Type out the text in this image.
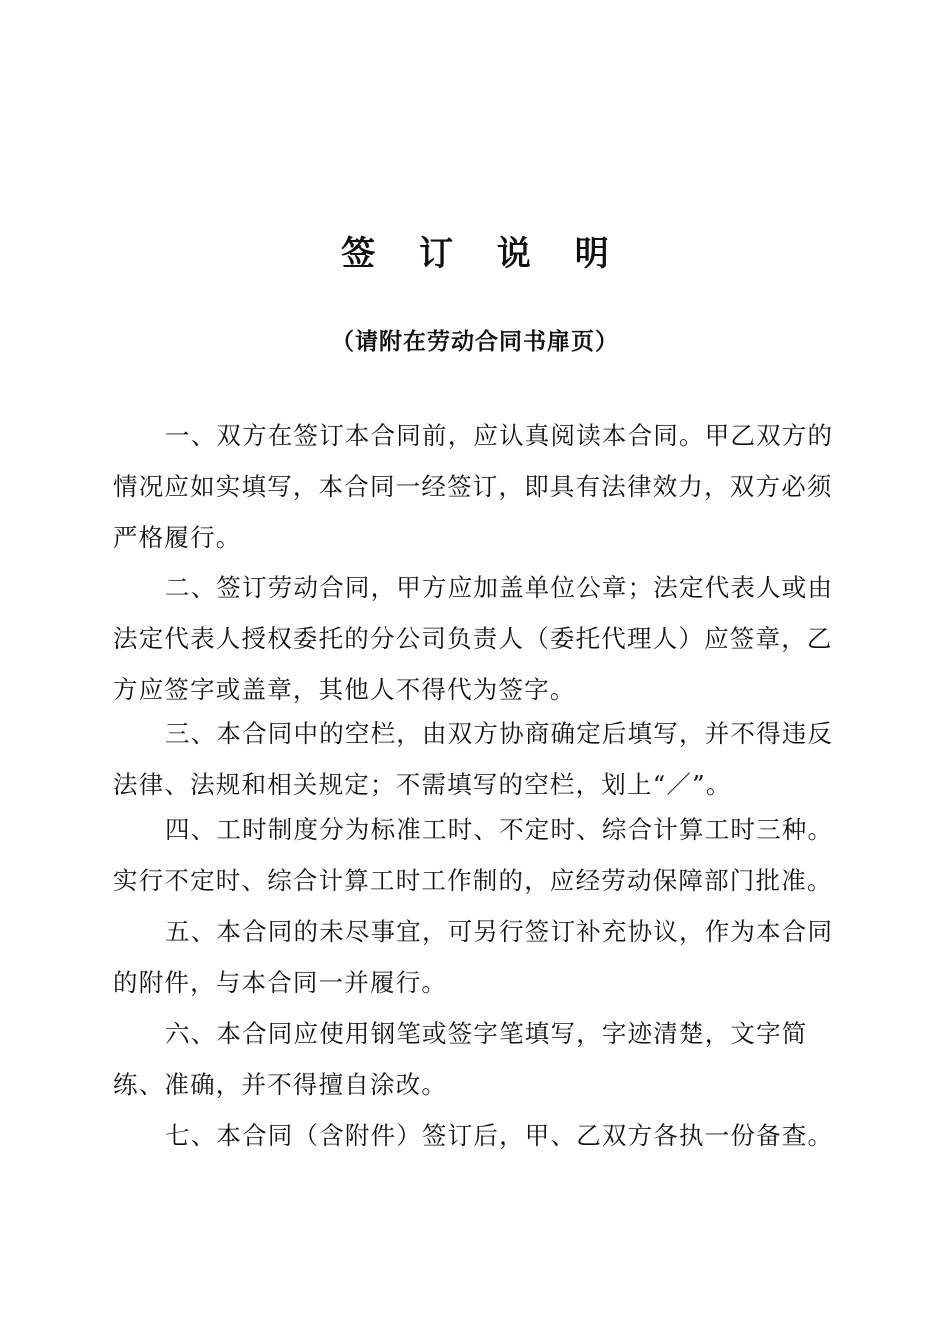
签 订 说 明
（请附在劳动合同书扉页）
一、双方在签订本合同前，应认真阅读本合同。甲乙双方的情况应如实填写，本合同一经签订，即具有法律效力，双方必须严格履行。
二、签订劳动合同，甲方应加盖单位公章；法定代表人或由法定代表人授权委托的分公司负责人（委托代理人）应签章，乙方应签字或盖章，其他人不得代为签字。
三、本合同中的空栏，由双方协商确定后填写，并不得违反法律、法规和相关规定；不需填写的空栏，划上“／”。
四、工时制度分为标准工时、不定时、综合计算工时三种。实行不定时、综合计算工时工作制的，应经劳动保障部门批准。
五、本合同的未尽事宜，可另行签订补充协议，作为本合同的附件，与本合同一并履行。
六、本合同应使用钢笔或签字笔填写，字迹清楚，文字简练、准确，并不得擅自涂改。
七、本合同（含附件）签订后，甲、乙双方各执一份备查。
